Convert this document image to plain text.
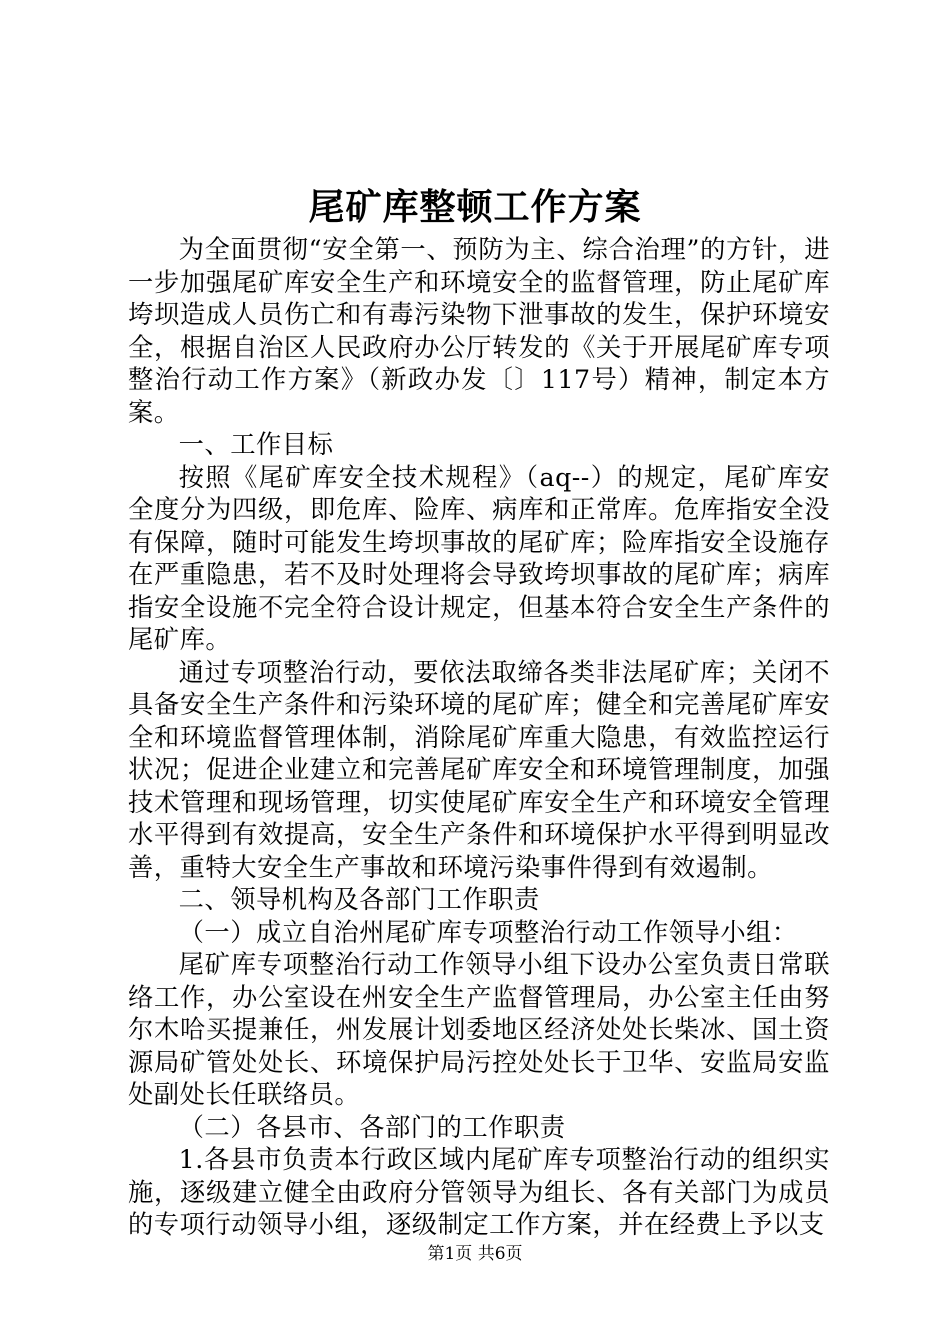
尾矿库整顿工作方案

为全面贯彻“安全第一、预防为主、综合治理”的方针，进一步加强尾矿库安全生产和环境安全的监督管理，防止尾矿库垮坝造成人员伤亡和有毒污染物下泄事故的发生，保护环境安全，根据自治区人民政府办公厅转发的《关于开展尾矿库专项整治行动工作方案》（新政办发〔〕117号）精神，制定本方案。

一、工作目标

按照《尾矿库安全技术规程》（aq--）的规定，尾矿库安全度分为四级，即危库、险库、病库和正常库。危库指安全没有保障，随时可能发生垮坝事故的尾矿库；险库指安全设施存在严重隐患，若不及时处理将会导致垮坝事故的尾矿库；病库指安全设施不完全符合设计规定，但基本符合安全生产条件的尾矿库。

通过专项整治行动，要依法取缔各类非法尾矿库；关闭不具备安全生产条件和污染环境的尾矿库；健全和完善尾矿库安全和环境监督管理体制，消除尾矿库重大隐患，有效监控运行状况；促进企业建立和完善尾矿库安全和环境管理制度，加强技术管理和现场管理，切实使尾矿库安全生产和环境安全管理水平得到有效提高，安全生产条件和环境保护水平得到明显改善，重特大安全生产事故和环境污染事件得到有效遏制。

二、领导机构及各部门工作职责

（一）成立自治州尾矿库专项整治行动工作领导小组：

尾矿库专项整治行动工作领导小组下设办公室负责日常联络工作，办公室设在州安全生产监督管理局，办公室主任由努尔木哈买提兼任，州发展计划委地区经济处处长柴冰、国土资源局矿管处处长、环境保护局污控处处长于卫华、安监局安监处副处长任联络员。

（二）各县市、各部门的工作职责

1.各县市负责本行政区域内尾矿库专项整治行动的组织实施，逐级建立健全由政府分管领导为组长、各有关部门为成员的专项行动领导小组，逐级制定工作方案，并在经费上予以支

第1页 共6页
